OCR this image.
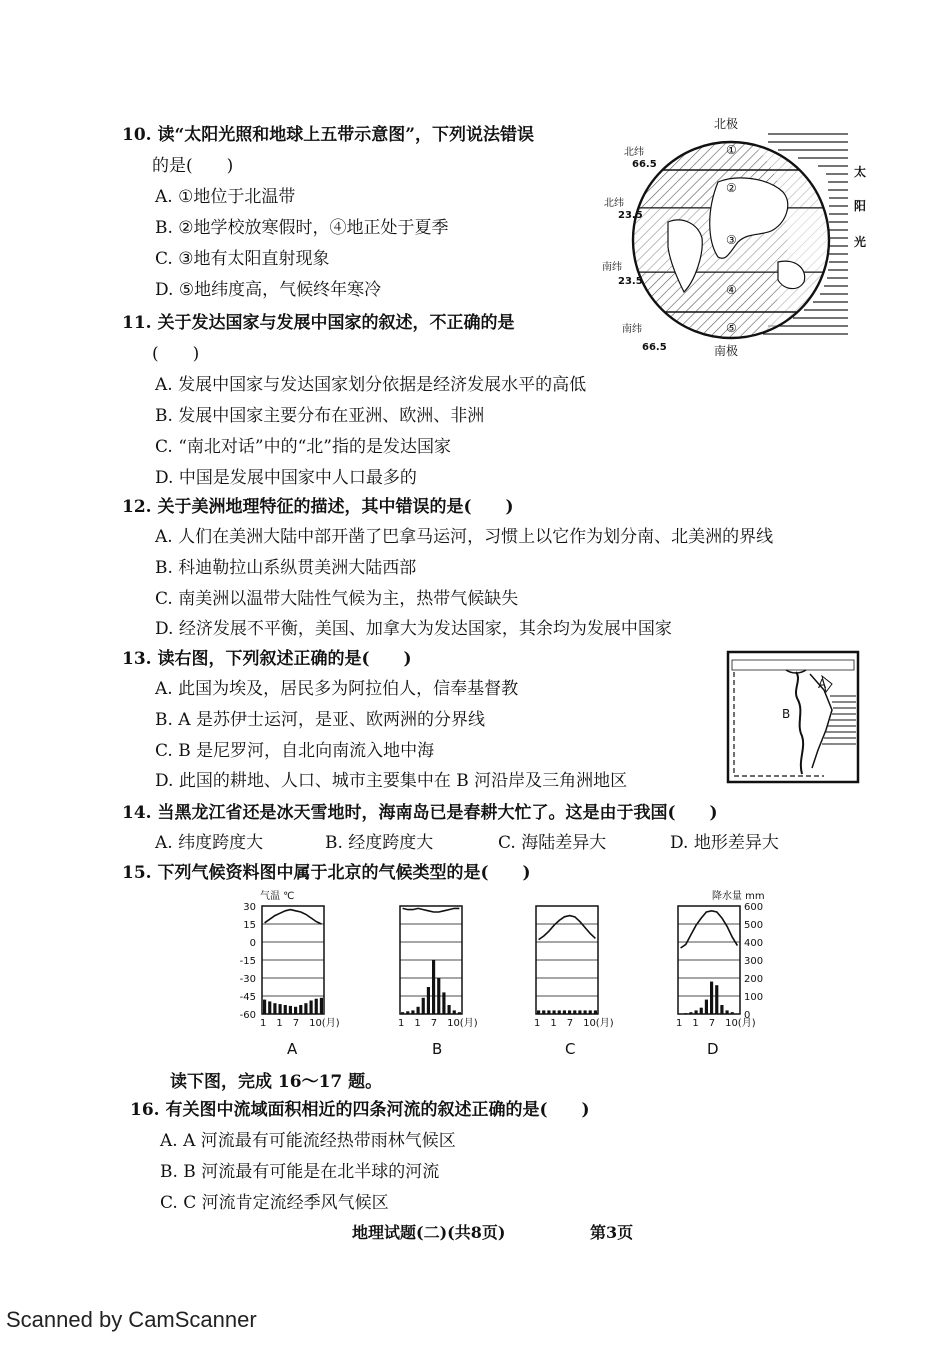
10. 读“太阳光照和地球上五带示意图”，下列说法错误
的是(　　)
A. ①地位于北温带
B. ②地学校放寒假时，④地正处于夏季
C. ③地有太阳直射现象
D. ⑤地纬度高，气候终年寒冷
①
②
③
④
⑤
北极
北纬
66.5
北纬
23.5
南纬
23.5
南纬
66.5	南极
太
阳
光
11. 关于发达国家与发展中国家的叙述，不正确的是
(　　)
A. 发展中国家与发达国家划分依据是经济发展水平的高低
B. 发展中国家主要分布在亚洲、欧洲、非洲
C. “南北对话”中的“北”指的是发达国家
D. 中国是发展中国家中人口最多的
12. 关于美洲地理特征的描述，其中错误的是(　　)
A. 人们在美洲大陆中部开凿了巴拿马运河，习惯上以它作为划分南、北美洲的界线
B. 科迪勒拉山系纵贯美洲大陆西部
C. 南美洲以温带大陆性气候为主，热带气候缺失
D. 经济发展不平衡，美国、加拿大为发达国家，其余均为发展中国家
13. 读右图，下列叙述正确的是(　　)
A. 此国为埃及，居民多为阿拉伯人，信奉基督教
B. A 是苏伊士运河，是亚、欧两洲的分界线
C. B 是尼罗河，自北向南流入地中海
D. 此国的耕地、人口、城市主要集中在 B 河沿岸及三角洲地区
A
B
14. 当黑龙江省还是冰天雪地时，海南岛已是春耕大忙了。这是由于我国(　　)
A. 纬度跨度大	B. 经度跨度大	C. 海陆差异大	D. 地形差异大
15. 下列气候资料图中属于北京的气候类型的是(　　)
气温 ℃	降水量 mm
30
15
0
-15
-30
-45
-60
600
500
400
300
200
100
0
1　1　7　10(月)	1　1　7　10(月)	1　1　7　10(月)	1　1　7　10(月)
A	B	C	D
读下图，完成 16～17 题。
16. 有关图中流域面积相近的四条河流的叙述正确的是(　　)
A. A 河流最有可能流经热带雨林气候区
B. B 河流最有可能是在北半球的河流
C. C 河流肯定流经季风气候区
地理试题(二)(共8页)	第3页
Scanned by CamScanner
